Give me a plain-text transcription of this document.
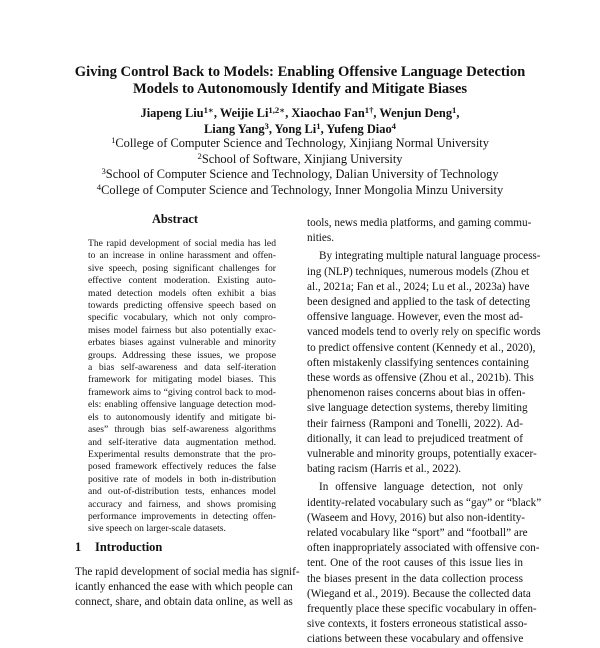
Giving Control Back to Models: Enabling Offensive Language Detection
Models to Autonomously Identify and Mitigate Biases
Jiapeng Liu$^{1∗}$, Weijie $Li^{1,2∗}$, Xiaochao Fan$^{1\dagger}$, Wenjun Deng$^1$,
Liang Yang$^3$, Yong Li$^1$, Yufeng Diao$^4$
$^1$College of Computer Science and Technology, Xinjiang Normal University
$^2$School of Software, Xinjiang University
$^3$School of Computer Science and Technology, Dalian University of Technology
$^4$College of Computer Science and Technology, Inner Mongolia Minzu University
Abstract
The rapid development of social media has led
to an increase in online harassment and offen-
sive speech, posing significant challenges for
effective content moderation. Existing auto-
mated detection models often exhibit a bias
towards predicting offensive speech based on
specific vocabulary, which not only compro-
mises model fairness but also potentially exac-
erbates biases against vulnerable and minority
groups. Addressing these issues, we propose
a bias self-awareness and data self-iteration
framework for mitigating model biases. This
framework aims to “giving control back to mod-
els: enabling offensive language detection mod-
els to autonomously identify and mitigate bi-
ases” through bias self-awareness algorithms
and self-iterative data augmentation method.
Experimental results demonstrate that the pro-
posed framework effectively reduces the false
positive rate of models in both in-distribution
and out-of-distribution tests, enhances model
accuracy and fairness, and shows promising
performance improvements in detecting offen-
sive speech on larger-scale datasets.
1 Introduction
The rapid development of social media has signif-
icantly enhanced the ease with which people can
connect, share, and obtain data online, as well as
tools, news media platforms, and gaming commu-
nities.
By integrating multiple natural language process-
ing (NLP) techniques, numerous models (Zhou et
al., 2021a; Fan et al., 2024; Lu et al., 2023a) have
been designed and applied to the task of detecting
offensive language. However, even the most ad-
vanced models tend to overly rely on specific words
to predict offensive content (Kennedy et al., 2020),
often mistakenly classifying sentences containing
these words as offensive (Zhou et al., 2021b). This
phenomenon raises concerns about bias in offen-
sive language detection systems, thereby limiting
their fairness (Ramponi and Tonelli, 2022). Ad-
ditionally, it can lead to prejudiced treatment of
vulnerable and minority groups, potentially exacer-
bating racism (Harris et al., 2022).
In offensive language detection, not only
identity-related vocabulary such as “gay” or “black”
(Waseem and Hovy, 2016) but also non-identity-
related vocabulary like “sport” and “football” are
often inappropriately associated with offensive con-
tent. One of the root causes of this issue lies in
the biases present in the data collection process
(Wiegand et al., 2019). Because the collected data
frequently place these specific vocabulary in offen-
sive contexts, it fosters erroneous statistical asso-
ciations between these vocabulary and offensive
